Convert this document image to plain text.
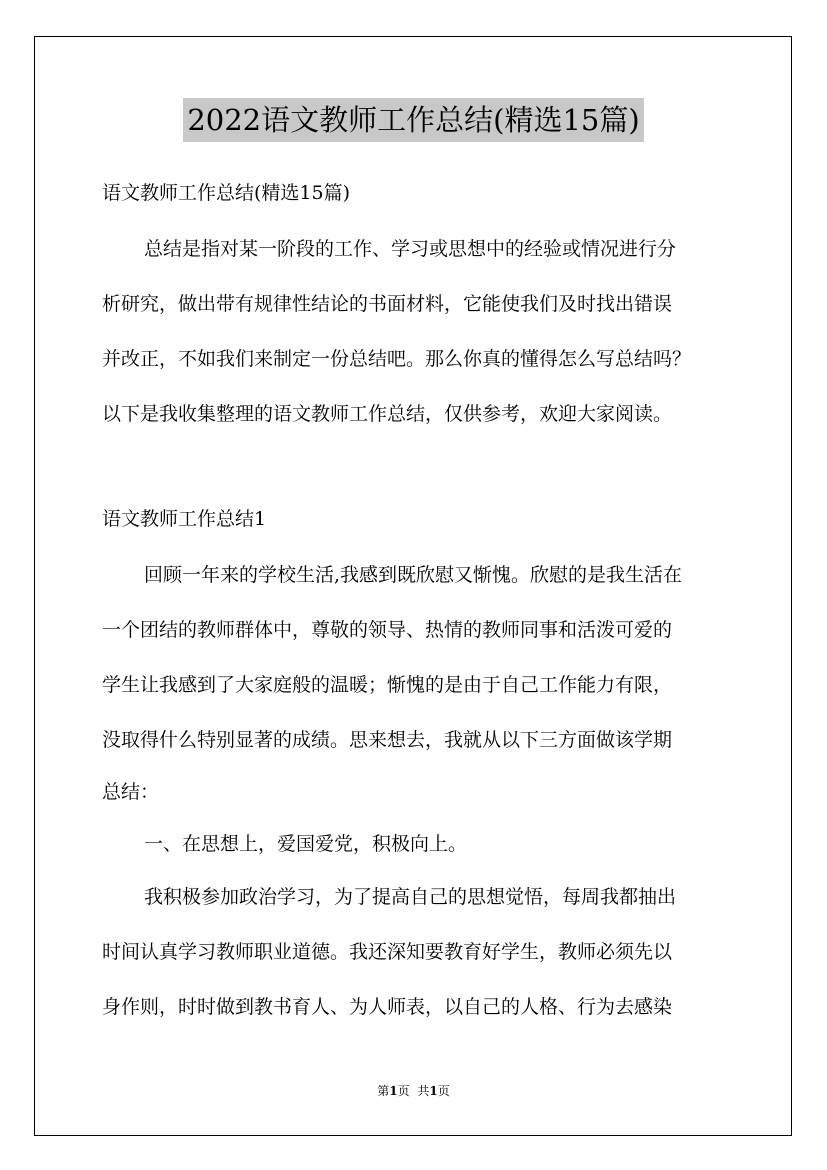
2022语文教师工作总结(精选15篇)
语文教师工作总结(精选15篇)
总结是指对某一阶段的工作、学习或思想中的经验或情况进行分
析研究，做出带有规律性结论的书面材料，它能使我们及时找出错误
并改正，不如我们来制定一份总结吧。那么你真的懂得怎么写总结吗？
以下是我收集整理的语文教师工作总结，仅供参考，欢迎大家阅读。
语文教师工作总结1
回顾一年来的学校生活,我感到既欣慰又惭愧。欣慰的是我生活在
一个团结的教师群体中，尊敬的领导、热情的教师同事和活泼可爱的
学生让我感到了大家庭般的温暖；惭愧的是由于自己工作能力有限，
没取得什么特别显著的成绩。思来想去，我就从以下三方面做该学期
总结：
一、在思想上，爱国爱党，积极向上。
我积极参加政治学习，为了提高自己的思想觉悟，每周我都抽出
时间认真学习教师职业道德。我还深知要教育好学生，教师必须先以
身作则，时时做到教书育人、为人师表，以自己的人格、行为去感染
第1页 共1页
